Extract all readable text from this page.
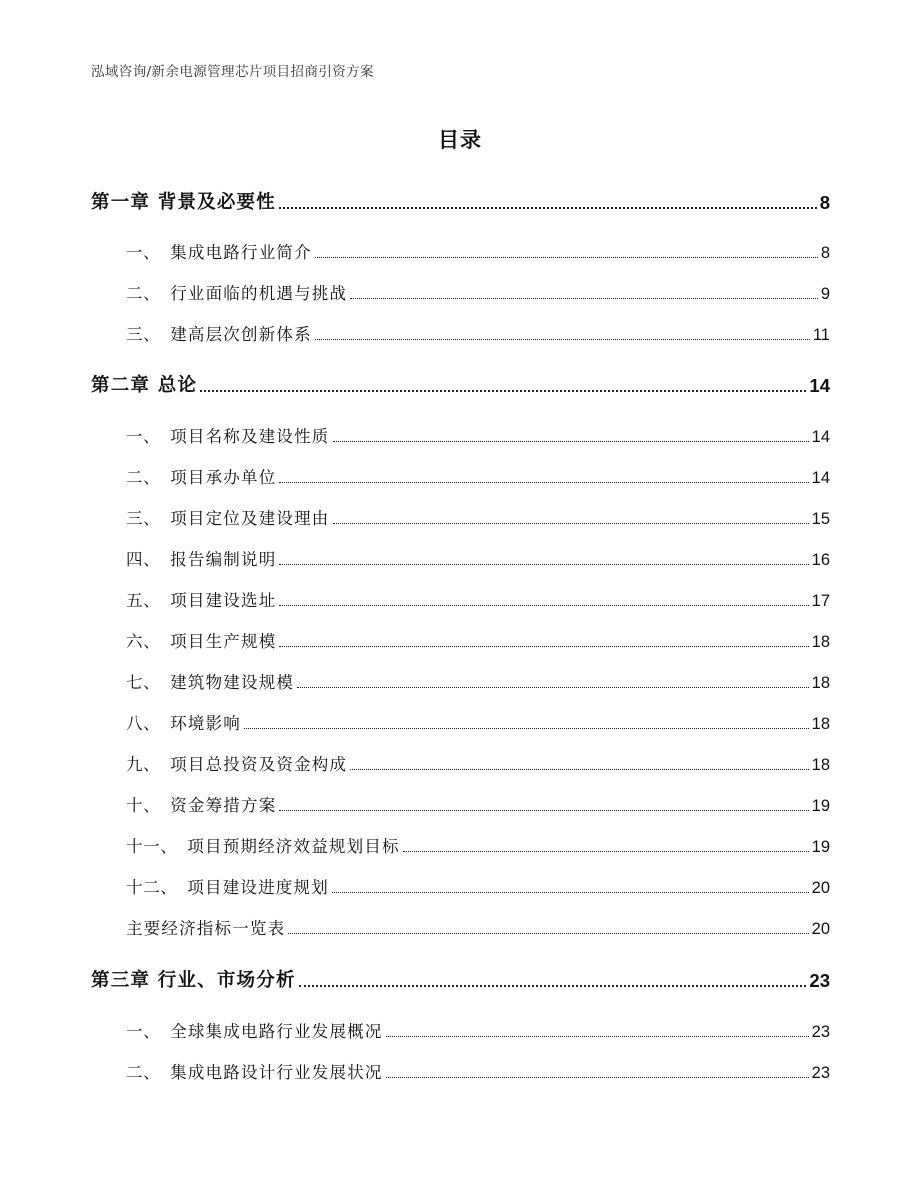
泓域咨询/新余电源管理芯片项目招商引资方案
目录
第一章 背景及必要性	8
一、 集成电路行业简介	8
二、 行业面临的机遇与挑战	9
三、 建高层次创新体系	11
第二章 总论	14
一、 项目名称及建设性质	14
二、 项目承办单位	14
三、 项目定位及建设理由	15
四、 报告编制说明	16
五、 项目建设选址	17
六、 项目生产规模	18
七、 建筑物建设规模	18
八、 环境影响	18
九、 项目总投资及资金构成	18
十、 资金筹措方案	19
十一、 项目预期经济效益规划目标	19
十二、 项目建设进度规划	20
主要经济指标一览表	20
第三章 行业、市场分析	23
一、 全球集成电路行业发展概况	23
二、 集成电路设计行业发展状况	23
